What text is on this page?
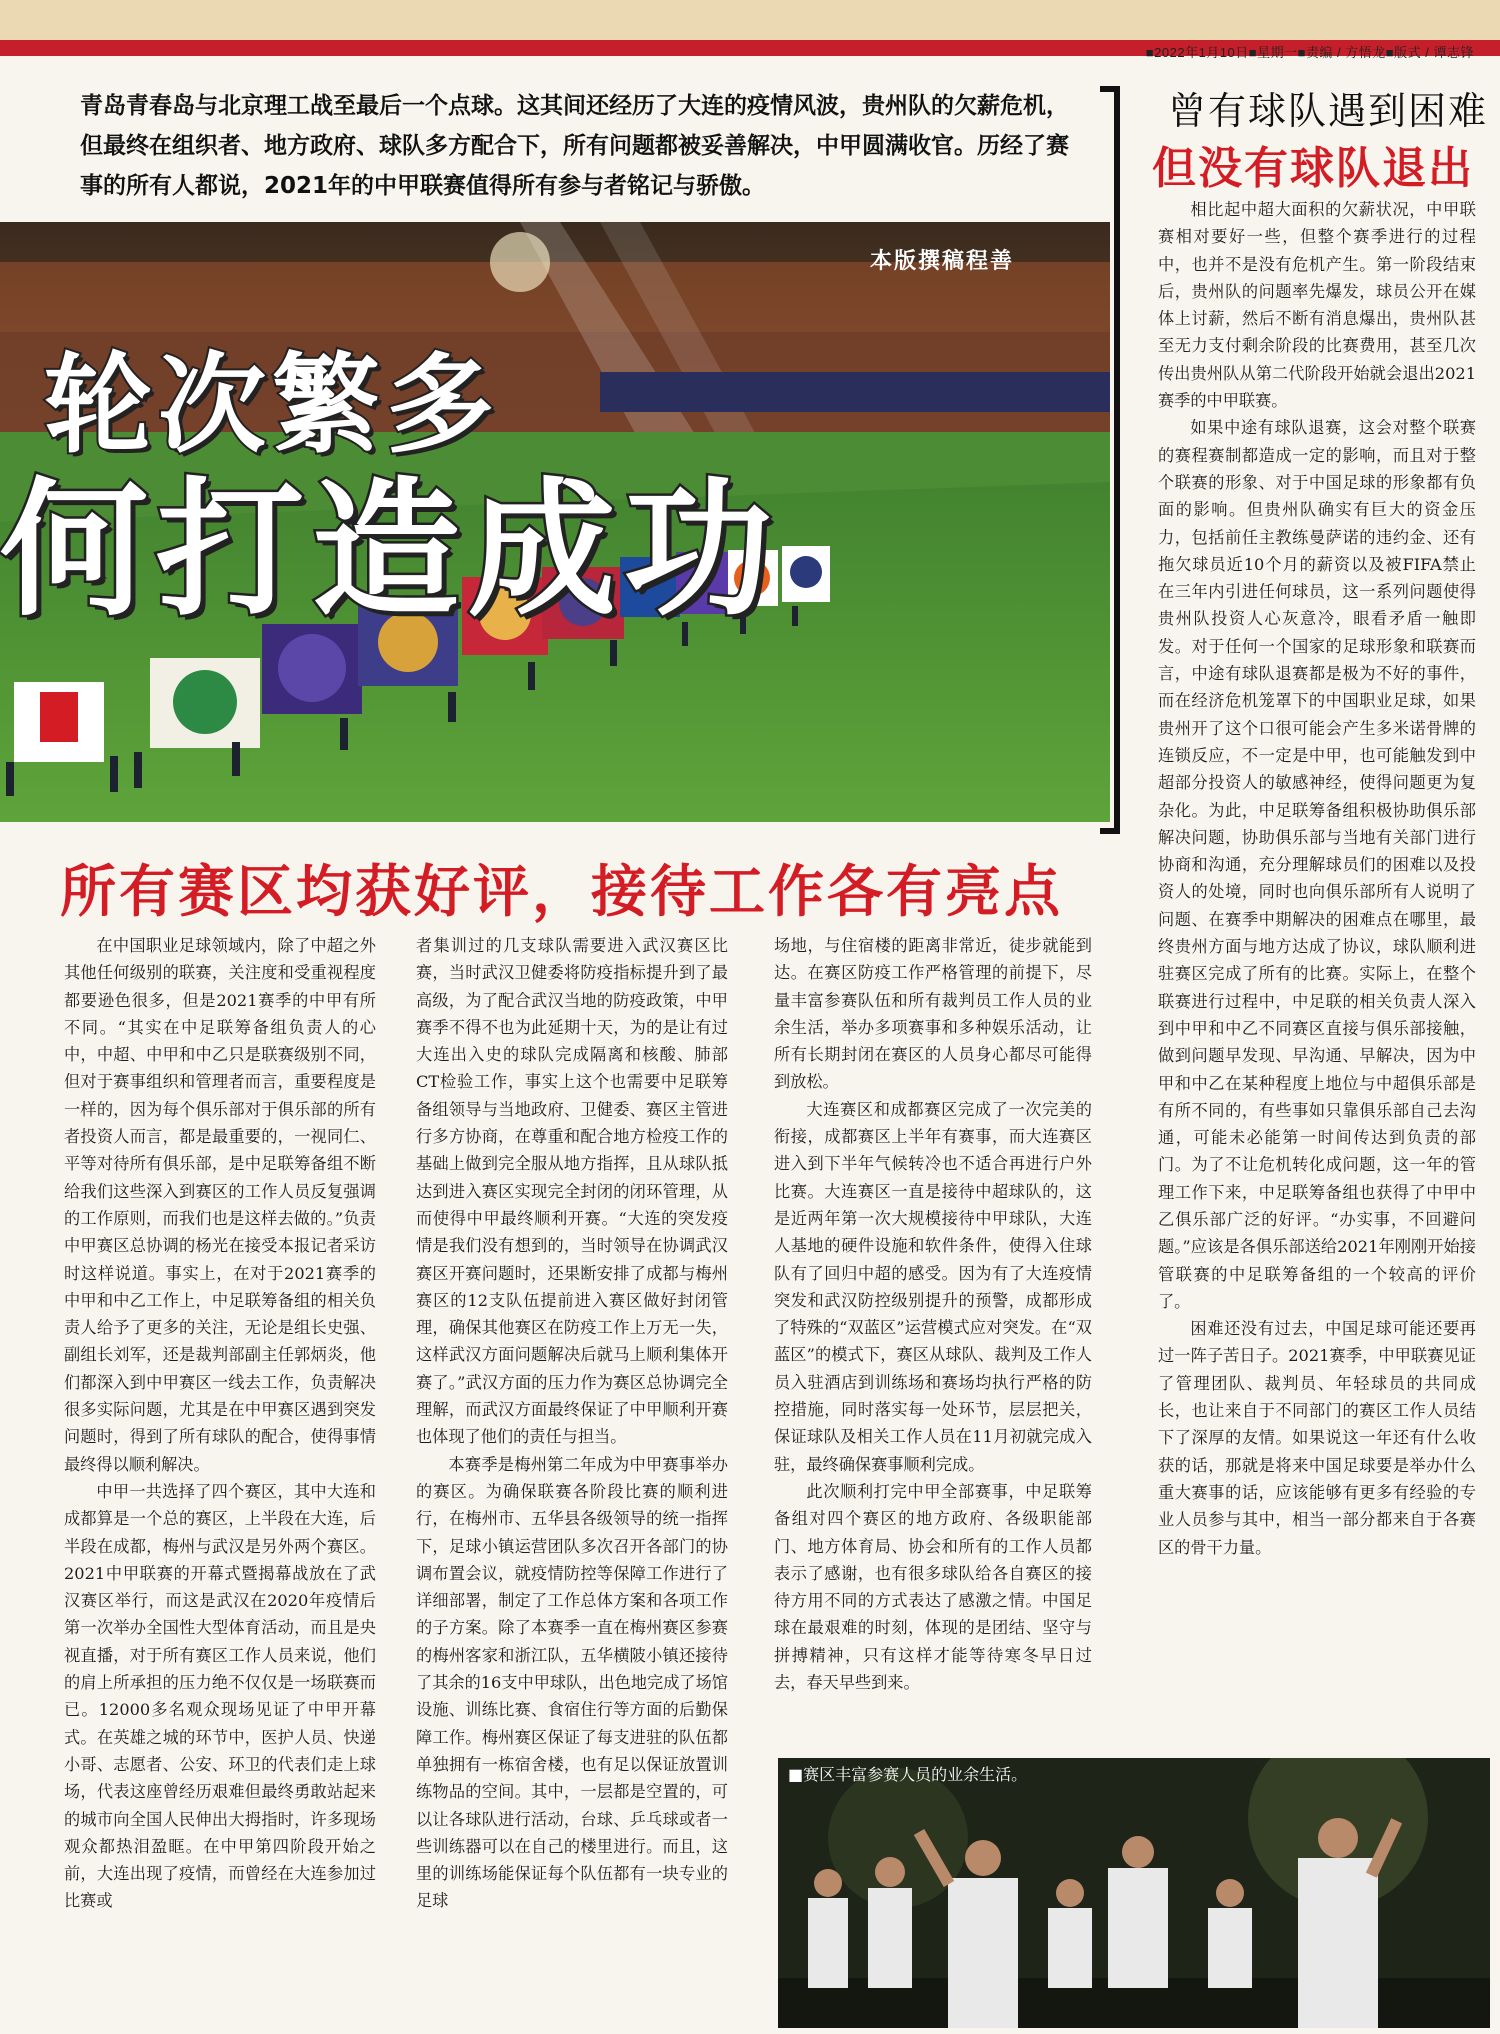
■2022年1月10日■星期一■责编 / 方悟龙■版式 / 谭志锋
青岛青春岛与北京理工战至最后一个点球。这其间还经历了大连的疫情风波，贵州队的欠薪危机，但最终在组织者、地方政府、球队多方配合下，所有问题都被妥善解决，中甲圆满收官。历经了赛事的所有人都说，2021年的中甲联赛值得所有参与者铭记与骄傲。
本版撰稿程善
轮次繁多
何打造成功
曾有球队遇到困难
但没有球队退出
所有赛区均获好评，接待工作各有亮点

在中国职业足球领域内，除了中超之外其他任何级别的联赛，关注度和受重视程度都要逊色很多，但是2021赛季的中甲有所不同。“其实在中足联筹备组负责人的心中，中超、中甲和中乙只是联赛级别不同，但对于赛事组织和管理者而言，重要程度是一样的，因为每个俱乐部对于俱乐部的所有者投资人而言，都是最重要的，一视同仁、平等对待所有俱乐部，是中足联筹备组不断给我们这些深入到赛区的工作人员反复强调的工作原则，而我们也是这样去做的。”负责中甲赛区总协调的杨光在接受本报记者采访时这样说道。事实上，在对于2021赛季的中甲和中乙工作上，中足联筹备组的相关负责人给予了更多的关注，无论是组长史强、副组长刘军，还是裁判部副主任郭炳炎，他们都深入到中甲赛区一线去工作，负责解决很多实际问题，尤其是在中甲赛区遇到突发问题时，得到了所有球队的配合，使得事情最终得以顺利解决。

中甲一共选择了四个赛区，其中大连和成都算是一个总的赛区，上半段在大连，后半段在成都，梅州与武汉是另外两个赛区。2021中甲联赛的开幕式暨揭幕战放在了武汉赛区举行，而这是武汉在2020年疫情后第一次举办全国性大型体育活动，而且是央视直播，对于所有赛区工作人员来说，他们的肩上所承担的压力绝不仅仅是一场联赛而已。12000多名观众现场见证了中甲开幕式。在英雄之城的环节中，医护人员、快递小哥、志愿者、公安、环卫的代表们走上球场，代表这座曾经历艰难但最终勇敢站起来的城市向全国人民伸出大拇指时，许多现场观众都热泪盈眶。在中甲第四阶段开始之前，大连出现了疫情，而曾经在大连参加过比赛或

者集训过的几支球队需要进入武汉赛区比赛，当时武汉卫健委将防疫指标提升到了最高级，为了配合武汉当地的防疫政策，中甲赛季不得不也为此延期十天，为的是让有过大连出入史的球队完成隔离和核酸、肺部CT检验工作，事实上这个也需要中足联筹备组领导与当地政府、卫健委、赛区主管进行多方协商，在尊重和配合地方检疫工作的基础上做到完全服从地方指挥，且从球队抵达到进入赛区实现完全封闭的闭环管理，从而使得中甲最终顺利开赛。“大连的突发疫情是我们没有想到的，当时领导在协调武汉赛区开赛问题时，还果断安排了成都与梅州赛区的12支队伍提前进入赛区做好封闭管理，确保其他赛区在防疫工作上万无一失，这样武汉方面问题解决后就马上顺利集体开赛了。”武汉方面的压力作为赛区总协调完全理解，而武汉方面最终保证了中甲顺利开赛也体现了他们的责任与担当。

本赛季是梅州第二年成为中甲赛事举办的赛区。为确保联赛各阶段比赛的顺利进行，在梅州市、五华县各级领导的统一指挥下，足球小镇运营团队多次召开各部门的协调布置会议，就疫情防控等保障工作进行了详细部署，制定了工作总体方案和各项工作的子方案。除了本赛季一直在梅州赛区参赛的梅州客家和浙江队，五华横陂小镇还接待了其余的16支中甲球队，出色地完成了场馆设施、训练比赛、食宿住行等方面的后勤保障工作。梅州赛区保证了每支进驻的队伍都单独拥有一栋宿舍楼，也有足以保证放置训练物品的空间。其中，一层都是空置的，可以让各球队进行活动，台球、乒乓球或者一些训练器可以在自己的楼里进行。而且，这里的训练场能保证每个队伍都有一块专业的足球

场地，与住宿楼的距离非常近，徒步就能到达。在赛区防疫工作严格管理的前提下，尽量丰富参赛队伍和所有裁判员工作人员的业余生活，举办多项赛事和多种娱乐活动，让所有长期封闭在赛区的人员身心都尽可能得到放松。

大连赛区和成都赛区完成了一次完美的衔接，成都赛区上半年有赛事，而大连赛区进入到下半年气候转冷也不适合再进行户外比赛。大连赛区一直是接待中超球队的，这是近两年第一次大规模接待中甲球队，大连人基地的硬件设施和软件条件，使得入住球队有了回归中超的感受。因为有了大连疫情突发和武汉防控级别提升的预警，成都形成了特殊的“双蓝区”运营模式应对突发。在“双蓝区”的模式下，赛区从球队、裁判及工作人员入驻酒店到训练场和赛场均执行严格的防控措施，同时落实每一处环节，层层把关，保证球队及相关工作人员在11月初就完成入驻，最终确保赛事顺利完成。

此次顺利打完中甲全部赛事，中足联筹备组对四个赛区的地方政府、各级职能部门、地方体育局、协会和所有的工作人员都表示了感谢，也有很多球队给各自赛区的接待方用不同的方式表达了感激之情。中国足球在最艰难的时刻，体现的是团结、坚守与拼搏精神，只有这样才能等待寒冬早日过去，春天早些到来。

相比起中超大面积的欠薪状况，中甲联赛相对要好一些，但整个赛季进行的过程中，也并不是没有危机产生。第一阶段结束后，贵州队的问题率先爆发，球员公开在媒体上讨薪，然后不断有消息爆出，贵州队甚至无力支付剩余阶段的比赛费用，甚至几次传出贵州队从第二代阶段开始就会退出2021赛季的中甲联赛。

如果中途有球队退赛，这会对整个联赛的赛程赛制都造成一定的影响，而且对于整个联赛的形象、对于中国足球的形象都有负面的影响。但贵州队确实有巨大的资金压力，包括前任主教练曼萨诺的违约金、还有拖欠球员近10个月的薪资以及被FIFA禁止在三年内引进任何球员，这一系列问题使得贵州队投资人心灰意冷，眼看矛盾一触即发。对于任何一个国家的足球形象和联赛而言，中途有球队退赛都是极为不好的事件，而在经济危机笼罩下的中国职业足球，如果贵州开了这个口很可能会产生多米诺骨牌的连锁反应，不一定是中甲，也可能触发到中超部分投资人的敏感神经，使得问题更为复杂化。为此，中足联筹备组积极协助俱乐部解决问题，协助俱乐部与当地有关部门进行协商和沟通，充分理解球员们的困难以及投资人的处境，同时也向俱乐部所有人说明了问题、在赛季中期解决的困难点在哪里，最终贵州方面与地方达成了协议，球队顺利进驻赛区完成了所有的比赛。实际上，在整个联赛进行过程中，中足联的相关负责人深入到中甲和中乙不同赛区直接与俱乐部接触，做到问题早发现、早沟通、早解决，因为中甲和中乙在某种程度上地位与中超俱乐部是有所不同的，有些事如只靠俱乐部自己去沟通，可能未必能第一时间传达到负责的部门。为了不让危机转化成问题，这一年的管理工作下来，中足联筹备组也获得了中甲中乙俱乐部广泛的好评。“办实事，不回避问题。”应该是各俱乐部送给2021年刚刚开始接管联赛的中足联筹备组的一个较高的评价了。

困难还没有过去，中国足球可能还要再过一阵子苦日子。2021赛季，中甲联赛见证了管理团队、裁判员、年轻球员的共同成长，也让来自于不同部门的赛区工作人员结下了深厚的友情。如果说这一年还有什么收获的话，那就是将来中国足球要是举办什么重大赛事的话，应该能够有更多有经验的专业人员参与其中，相当一部分都来自于各赛区的骨干力量。

■赛区丰富参赛人员的业余生活。
